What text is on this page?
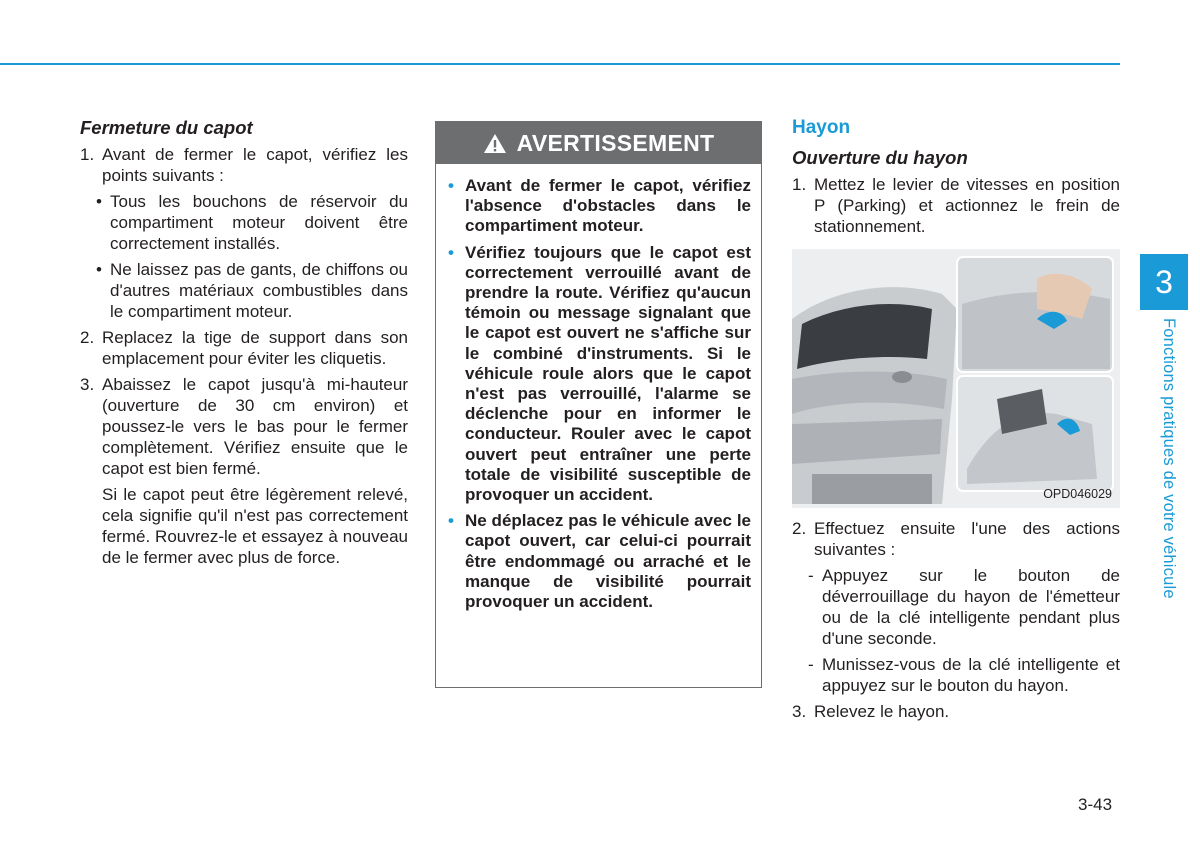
Fermeture du capot
1. Avant de fermer le capot, vérifiez les points suivants :
• Tous les bouchons de réservoir du compartiment moteur doivent être correctement installés.
• Ne laissez pas de gants, de chiffons ou d'autres matériaux combustibles dans le compartiment moteur.
2. Replacez la tige de support dans son emplacement pour éviter les cliquetis.
3. Abaissez le capot jusqu'à mi-hauteur (ouverture de 30 cm environ) et poussez-le vers le bas pour le fermer complètement. Vérifiez ensuite que le capot est bien fermé.

Si le capot peut être légèrement relevé, cela signifie qu'il n'est pas correctement fermé. Rouvrez-le et essayez à nouveau de le fermer avec plus de force.

AVERTISSEMENT
• Avant de fermer le capot, vérifiez l'absence d'obstacles dans le compartiment moteur.
• Vérifiez toujours que le capot est correctement verrouillé avant de prendre la route. Vérifiez qu'aucun témoin ou message signalant que le capot est ouvert ne s'affiche sur le combiné d'instruments. Si le véhicule roule alors que le capot n'est pas verrouillé, l'alarme se déclenche pour en informer le conducteur. Rouler avec le capot ouvert peut entraîner une perte totale de visibilité susceptible de provoquer un accident.
• Ne déplacez pas le véhicule avec le capot ouvert, car celui-ci pourrait être endommagé ou arraché et le manque de visibilité pourrait provoquer un accident.
Hayon
Ouverture du hayon
1. Mettez le levier de vitesses en position P (Parking) et actionnez le frein de stationnement.
OPD046029
2. Effectuez ensuite l'une des actions suivantes :
- Appuyez sur le bouton de déverrouillage du hayon de l'émetteur ou de la clé intelligente pendant plus d'une seconde.
- Munissez-vous de la clé intelligente et appuyez sur le bouton du hayon.
3. Relevez le hayon.
3
Fonctions pratiques de votre véhicule
3-43
